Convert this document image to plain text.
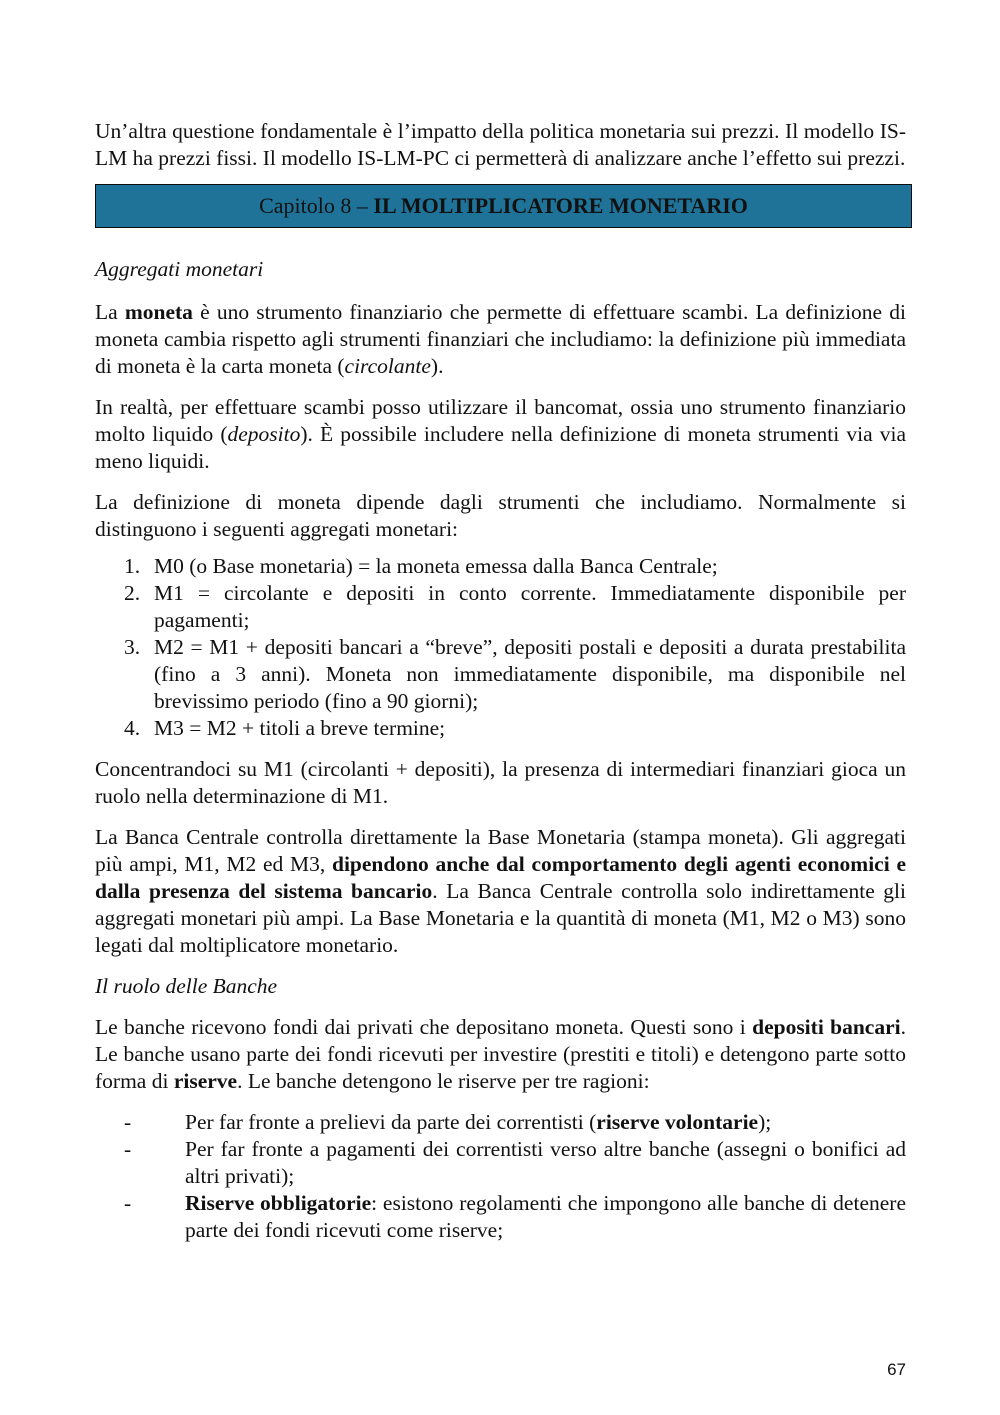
Un’altra questione fondamentale è l’impatto della politica monetaria sui prezzi. Il modello IS-LM ha prezzi fissi. Il modello IS-LM-PC ci permetterà di analizzare anche l’effetto sui prezzi.

Capitolo 8 – IL MOLTIPLICATORE MONETARIO

Aggregati monetari

La moneta è uno strumento finanziario che permette di effettuare scambi. La definizione di moneta cambia rispetto agli strumenti finanziari che includiamo: la definizione più immediata di moneta è la carta moneta (circolante).

In realtà, per effettuare scambi posso utilizzare il bancomat, ossia uno strumento finanziario molto liquido (deposito). È possibile includere nella definizione di moneta strumenti via via meno liquidi.

La definizione di moneta dipende dagli strumenti che includiamo. Normalmente si distinguono i seguenti aggregati monetari:

1. M0 (o Base monetaria) = la moneta emessa dalla Banca Centrale;
2. M1 = circolante e depositi in conto corrente. Immediatamente disponibile per pagamenti;
3. M2 = M1 + depositi bancari a “breve”, depositi postali e depositi a durata prestabilita (fino a 3 anni). Moneta non immediatamente disponibile, ma disponibile nel brevissimo periodo (fino a 90 giorni);
4. M3 = M2 + titoli a breve termine;

Concentrandoci su M1 (circolanti + depositi), la presenza di intermediari finanziari gioca un ruolo nella determinazione di M1.

La Banca Centrale controlla direttamente la Base Monetaria (stampa moneta). Gli aggregati più ampi, M1, M2 ed M3, dipendono anche dal comportamento degli agenti economici e dalla presenza del sistema bancario. La Banca Centrale controlla solo indirettamente gli aggregati monetari più ampi. La Base Monetaria e la quantità di moneta (M1, M2 o M3) sono legati dal moltiplicatore monetario.

Il ruolo delle Banche

Le banche ricevono fondi dai privati che depositano moneta. Questi sono i depositi bancari. Le banche usano parte dei fondi ricevuti per investire (prestiti e titoli) e detengono parte sotto forma di riserve. Le banche detengono le riserve per tre ragioni:

-	Per far fronte a prelievi da parte dei correntisti (riserve volontarie);
-	Per far fronte a pagamenti dei correntisti verso altre banche (assegni o bonifici ad altri privati);
-	Riserve obbligatorie: esistono regolamenti che impongono alle banche di detenere parte dei fondi ricevuti come riserve;
67
